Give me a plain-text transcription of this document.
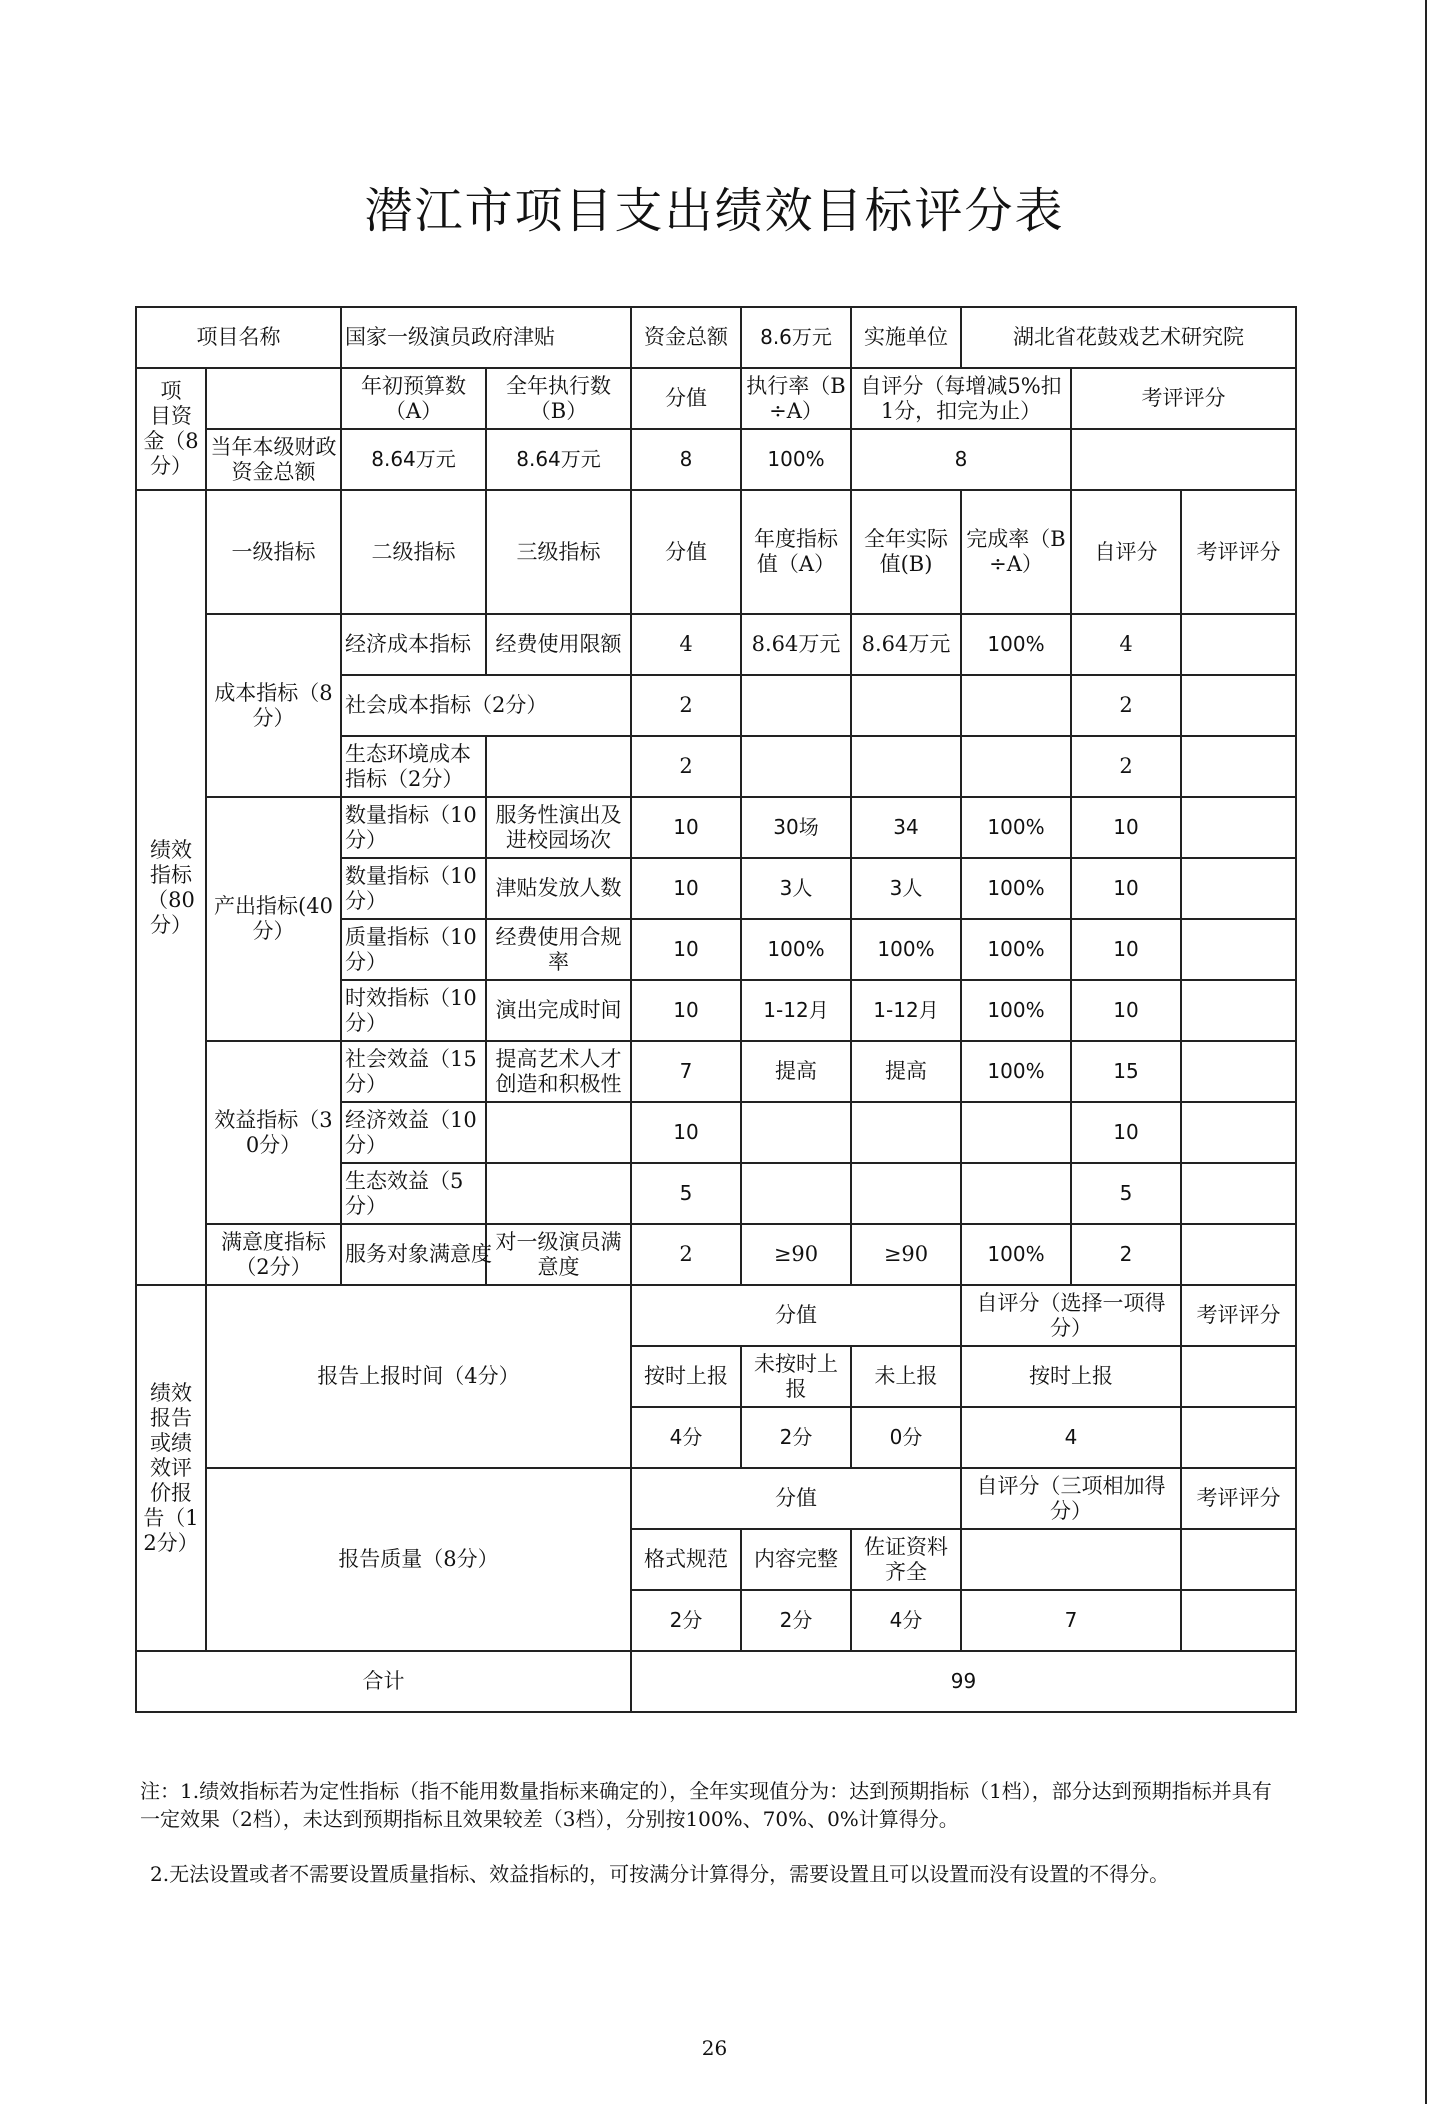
潜江市项目支出绩效目标评分表
项目名称		国家一级演员政府津贴		资金总额	8.6万元	实施单位	湖北省花鼓戏艺术研究院			
项　目资　金（8分）		年初预算数（A）	全年执行数（B）	分值	执行率（B÷A）	自评分（每增减5%扣1分，扣完为止）		考评评分		
	当年本级财政资金总额	8.64万元	8.64万元	8	100%	8				
绩效指标（80分）	一级指标	二级指标	三级指标	分值	年度指标值（A）	全年实际值(B)	完成率（B÷A）	自评分	考评评分	
	成本指标（8分）	经济成本指标	经费使用限额	4	8.64万元	8.64万元	100%	4		
		社会成本指标（2分）		2				2		
		生态环境成本指标（2分）		2				2		
	产出指标(40分）	数量指标（10分）	服务性演出及进校园场次	10	30场	34	100%	10		
		数量指标（10分）	津贴发放人数	10	3人	3人	100%	10		
		质量指标（10分）	经费使用合规率	10	100%	100%	100%	10		
		时效指标（10分）	演出完成时间	10	1-12月	1-12月	100%	10		
	效益指标（30分）	社会效益（15分）	提高艺术人才创造和积极性	7	提高	提高	100%	15		
		经济效益（10分）		10				10		
		生态效益（5分）		5				5		
	满意度指标（2分）	服务对象满意度	对一级演员满意度	2	≥90	≥90	100%	2		
绩效报告或绩效评价报告（12分）	报告上报时间（4分）			分值			自评分（选择一项得分）		考评评分	
				按时上报	未按时上报	未上报	按时上报			
				4分	2分	0分	4			
	报告质量（8分）			分值			自评分（三项相加得分）		考评评分	
				格式规范	内容完整	佐证资料齐全				
				2分	2分	4分	7			
合计				99						
注：1.绩效指标若为定性指标（指不能用数量指标来确定的），全年实现值分为：达到预期指标（1档），部分达到预期指标并具有一定效果（2档），未达到预期指标且效果较差（3档），分别按100%、70%、0%计算得分。
2.无法设置或者不需要设置质量指标、效益指标的，可按满分计算得分，需要设置且可以设置而没有设置的不得分。
26
